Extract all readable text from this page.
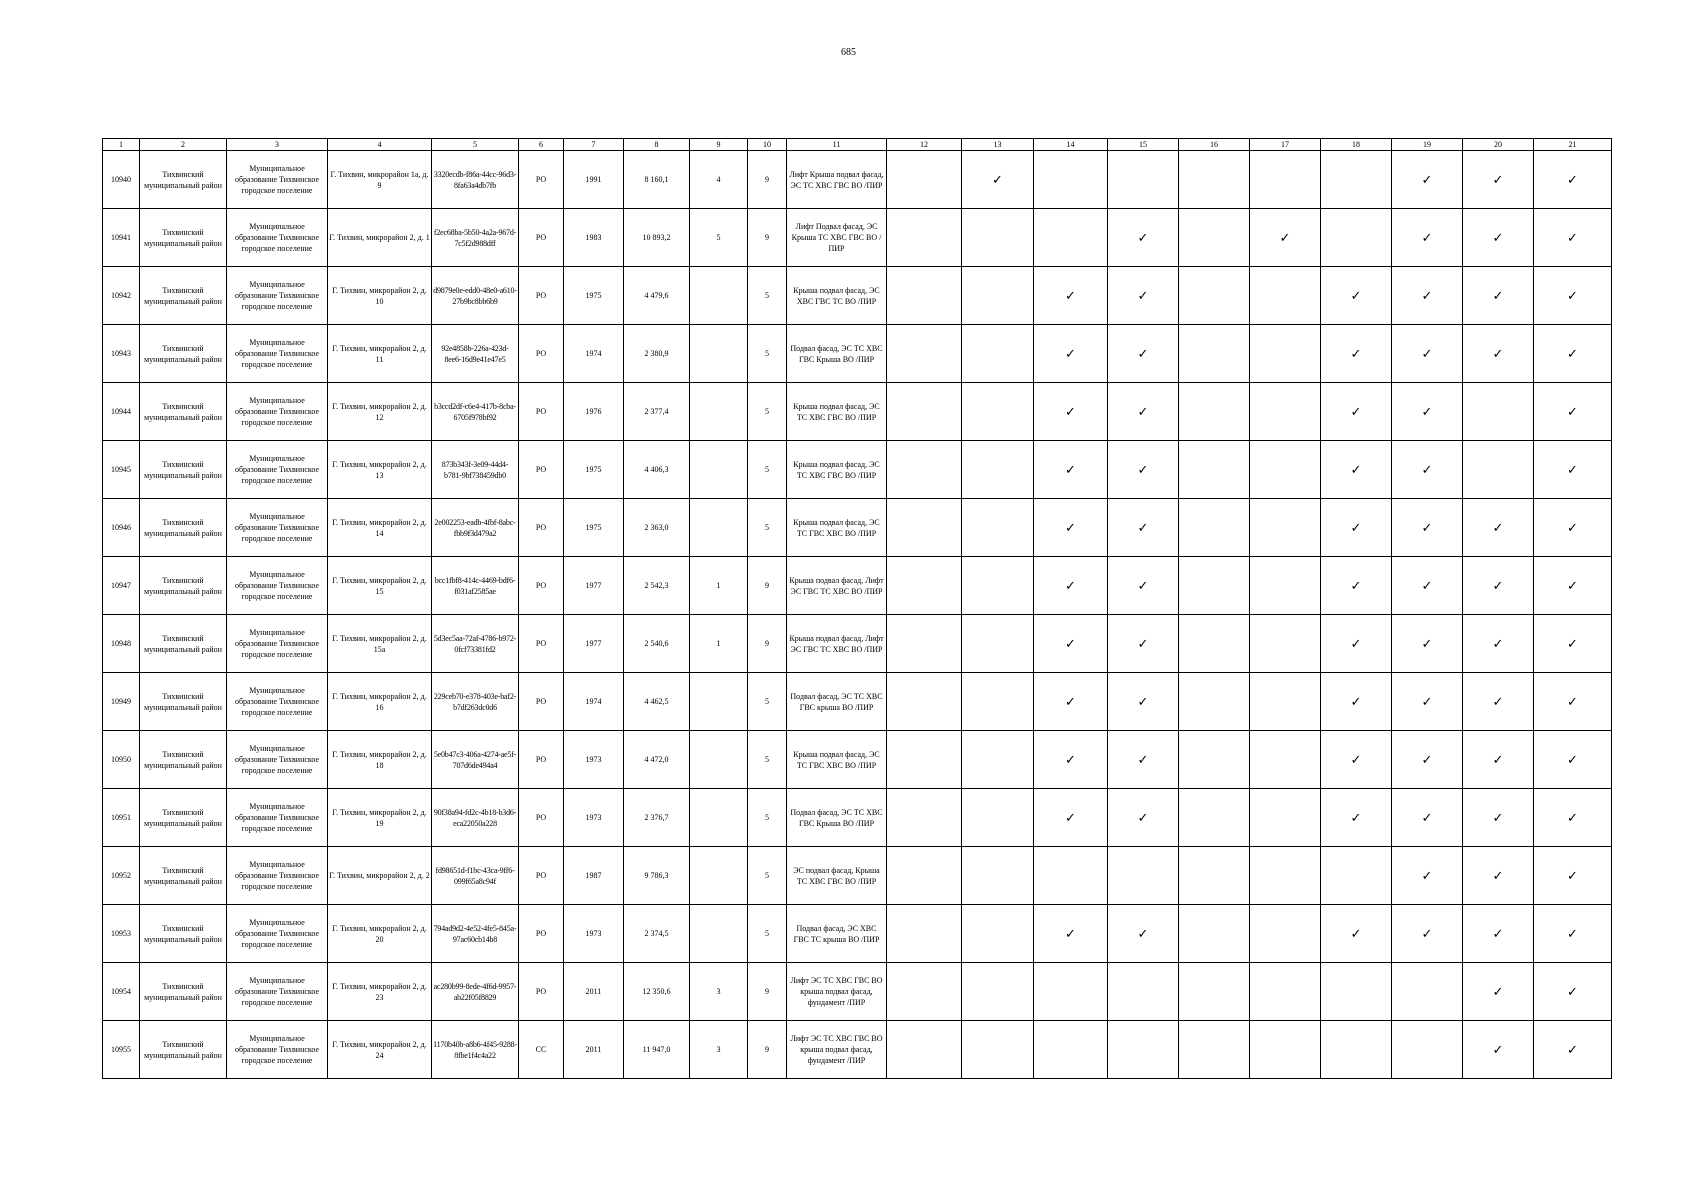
685
1	2	3	4	5	6	7	8	9	10	11	12	13	14	15	16	17	18	19	20	21
10940	Тихвинский муниципальный район	Муниципальное образование Тихвинское городское поселение	Г. Тихвин, микрорайон 1а, д. 9	3320ecdb-f86a-44cc-96d3-8fa63a4db7fb	РО	1991	8 160,1	4	9	Лифт Крыша подвал фасад, ЭС ТС ХВС ГВС ВО /ПИР		✓						✓	✓	✓
10941	Тихвинский муниципальный район	Муниципальное образование Тихвинское городское поселение	Г. Тихвин, микрорайон 2, д. 1	f2ec68ba-5b50-4a2a-967d-7c5f2d988dff	РО	1983	10 893,2	5	9	Лифт Подвал фасад, ЭС Крыша ТС ХВС ГВС ВО /ПИР				✓		✓		✓	✓	✓
10942	Тихвинский муниципальный район	Муниципальное образование Тихвинское городское поселение	Г. Тихвин, микрорайон 2, д. 10	d9879e0e-edd0-48e0-a610-27b9bc8bb6b9	РО	1975	4 479,6		5	Крыша подвал фасад, ЭС ХВС ГВС ТС ВО /ПИР			✓	✓			✓	✓	✓	✓
10943	Тихвинский муниципальный район	Муниципальное образование Тихвинское городское поселение	Г. Тихвин, микрорайон 2, д. 11	92e4858b-226a-423d-8ee6-16d9e41e47e5	РО	1974	2 380,9		5	Подвал фасад, ЭС ТС ХВС ГВС Крыша ВО /ПИР			✓	✓			✓	✓	✓	✓
10944	Тихвинский муниципальный район	Муниципальное образование Тихвинское городское поселение	Г. Тихвин, микрорайон 2, д. 12	b3ccd2df-c6e4-417b-8cba-6705f978bf92	РО	1976	2 377,4		5	Крыша подвал фасад, ЭС ТС ХВС ГВС ВО /ПИР			✓	✓			✓	✓		✓
10945	Тихвинский муниципальный район	Муниципальное образование Тихвинское городское поселение	Г. Тихвин, микрорайон 2, д. 13	873b343f-3e09-44d4-b781-9bf738459db0	РО	1975	4 406,3		5	Крыша подвал фасад, ЭС ТС ХВС ГВС ВО /ПИР			✓	✓			✓	✓		✓
10946	Тихвинский муниципальный район	Муниципальное образование Тихвинское городское поселение	Г. Тихвин, микрорайон 2, д. 14	2e002253-eadb-4fbf-8abc-fbb9f3d479a2	РО	1975	2 363,0		5	Крыша подвал фасад, ЭС ТС ГВС ХВС ВО /ПИР			✓	✓			✓	✓	✓	✓
10947	Тихвинский муниципальный район	Муниципальное образование Тихвинское городское поселение	Г. Тихвин, микрорайон 2, д. 15	bcc1fbf8-414c-4469-bdf6-f031af2585ae	РО	1977	2 542,3	1	9	Крыша подвал фасад, Лифт ЭС ГВС ТС ХВС ВО /ПИР			✓	✓			✓	✓	✓	✓
10948	Тихвинский муниципальный район	Муниципальное образование Тихвинское городское поселение	Г. Тихвин, микрорайон 2, д. 15а	5d3ec5aa-72af-4786-b972-0fcf73381fd2	РО	1977	2 540,6	1	9	Крыша подвал фасад, Лифт ЭС ГВС ТС ХВС ВО /ПИР			✓	✓			✓	✓	✓	✓
10949	Тихвинский муниципальный район	Муниципальное образование Тихвинское городское поселение	Г. Тихвин, микрорайон 2, д. 16	229ceb70-e378-403e-baf2-b7df263dc0d6	РО	1974	4 462,5		5	Подвал фасад, ЭС ТС ХВС ГВС крыша ВО /ПИР			✓	✓			✓	✓	✓	✓
10950	Тихвинский муниципальный район	Муниципальное образование Тихвинское городское поселение	Г. Тихвин, микрорайон 2, д. 18	5e0b47c3-406a-4274-ae5f-707d6de494a4	РО	1973	4 472,0		5	Крыша подвал фасад, ЭС ТС ГВС ХВС ВО /ПИР			✓	✓			✓	✓	✓	✓
10951	Тихвинский муниципальный район	Муниципальное образование Тихвинское городское поселение	Г. Тихвин, микрорайон 2, д. 19	90f38a94-fd2c-4b18-b3d6-eca22050a228	РО	1973	2 376,7		5	Подвал фасад, ЭС ТС ХВС ГВС Крыша ВО /ПИР			✓	✓			✓	✓	✓	✓
10952	Тихвинский муниципальный район	Муниципальное образование Тихвинское городское поселение	Г. Тихвин, микрорайон 2, д. 2	fd98651d-f1bc-43ca-9ff6-099f65a8c94f	РО	1987	9 786,3		5	ЭС подвал фасад, Крыша ТС ХВС ГВС ВО /ПИР								✓	✓	✓
10953	Тихвинский муниципальный район	Муниципальное образование Тихвинское городское поселение	Г. Тихвин, микрорайон 2, д. 20	794ad9d2-4e52-4fe5-845a-97ac60cb14b8	РО	1973	2 374,5		5	Подвал фасад, ЭС ХВС ГВС ТС крыша ВО /ПИР			✓	✓			✓	✓	✓	✓
10954	Тихвинский муниципальный район	Муниципальное образование Тихвинское городское поселение	Г. Тихвин, микрорайон 2, д. 23	ac280b99-8ede-4f6d-9957-ab22f05f8829	РО	2011	12 350,6	3	9	Лифт ЭС ТС ХВС ГВС ВО крыша подвал фасад, фундамент /ПИР									✓	✓
10955	Тихвинский муниципальный район	Муниципальное образование Тихвинское городское поселение	Г. Тихвин, микрорайон 2, д. 24	1170b40b-a8b6-4f45-9288-8fbe1f4c4a22	СС	2011	11 947,0	3	9	Лифт ЭС ТС ХВС ГВС ВО крыша подвал фасад, фундамент /ПИР									✓	✓
